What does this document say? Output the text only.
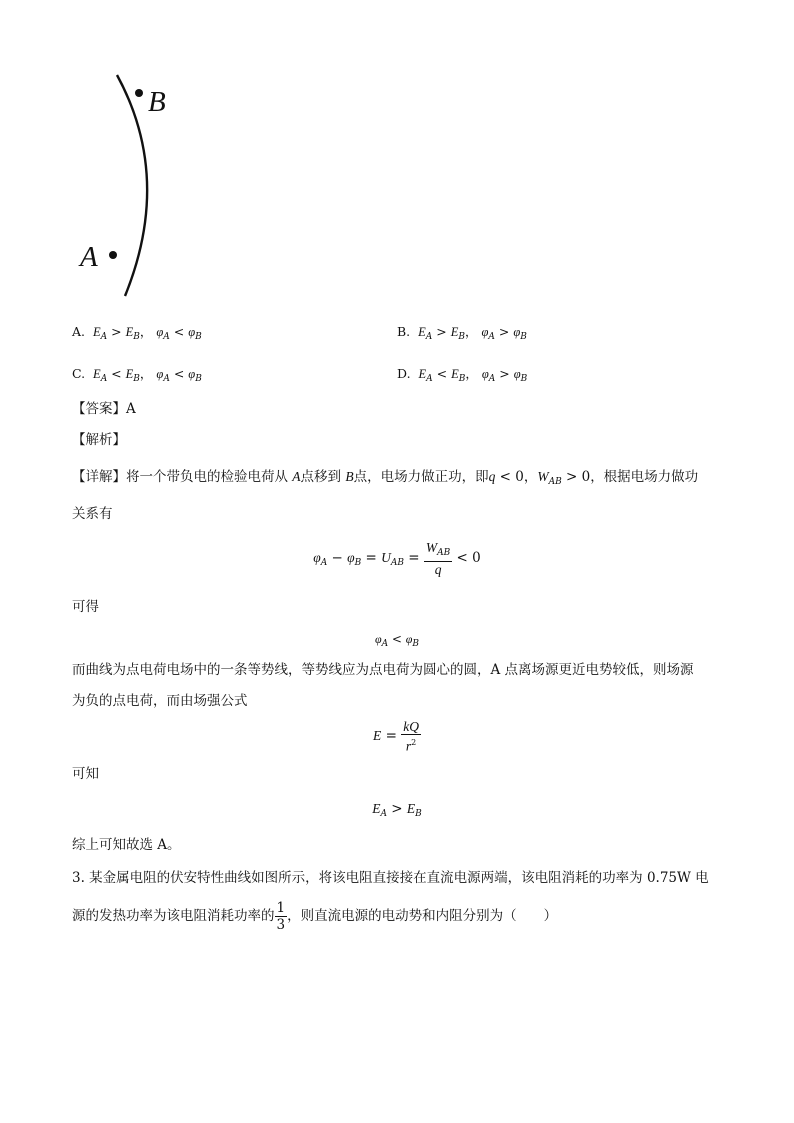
B
A
A. $E_A > E_B$， $\varphi_A < \varphi_B$	B. $E_A > E_B$， $\varphi_A > \varphi_B$
C. $E_A < E_B$， $\varphi_A < \varphi_B$	D. $E_A < E_B$， $\varphi_A > \varphi_B$
【答案】A
【解析】
【详解】将一个带负电的检验电荷从 A点移到 B点，电场力做正功，即q < 0，$W_{AB} > 0$，根据电场力做功
关系有
$\varphi_A - \varphi_B = U_{AB} = \frac{W_{AB}}{q} < 0$
可得
$\varphi_A < \varphi_B$
而曲线为点电荷电场中的一条等势线，等势线应为点电荷为圆心的圆，A 点离场源更近电势较低，则场源
为负的点电荷，而由场强公式
$E = \frac{kQ}{r^2}$
可知
$E_A > E_B$
综上可知故选 A。
3. 某金属电阻的伏安特性曲线如图所示，将该电阻直接接在直流电源两端，该电阻消耗的功率为 0.75W 电
源的发热功率为该电阻消耗功率的 $\frac{1}{3}$ ，则直流电源的电动势和内阻分别为（　　）
